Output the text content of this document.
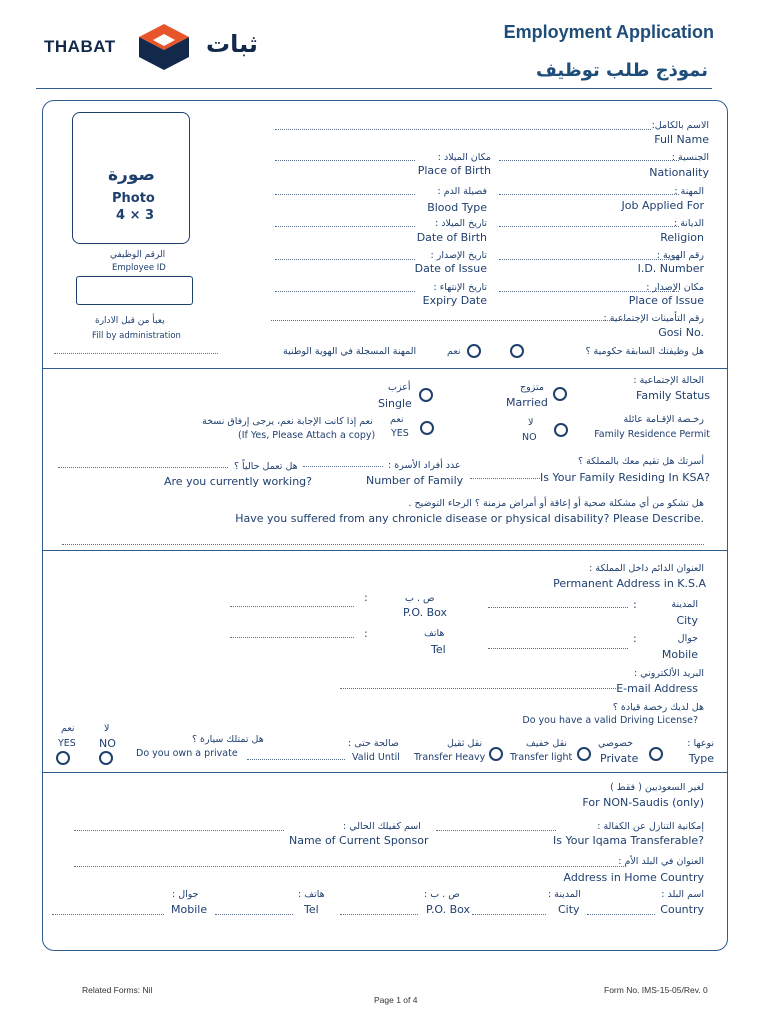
THABAT	ثبات	Employment Application
نموذج طلب توظيف
صورة
Photo
4 × 3
الرقم الوظيفي
Employee ID
يعبأ من قبل الادارة
Fill by administration
الاسم بالكامل:
Full Name
الجنسية :
Nationality
مكان الميلاد :
Place of Birth
المهنة :
Job Applied For
فصيلة الدم :
Blood Type
الديانة :
Religion
تاريخ الميلاد :
Date of Birth
رقم الهوية :
I.D. Number
تاريخ الإصدار :
Date of Issue
مكان الإصدار :
Place of Issue
تاريخ الإنتهاء :
Expiry Date
رقم التأمينات الإجتماعية :
Gosi No.
هل وظيفتك السابقة حكومية ؟
نعم
المهنة المسجلة في الهوية الوطنية
الحالة الإجتماعية :
Family Status
متزوج
Married
أعزب
Single
رخـصة الإقـامة عائلة
Family Residence Permit
لا
NO
نعم
YES
نعم إذا كانت الإجابة نعم، يرجى إرفاق نسخة
(If Yes, Please Attach a copy)
أسرتك هل تقيم معك بالمملكة ؟
Is Your Family Residing In KSA?
عدد أفراد الأسرة :
Number of Family
هل تعمل حالياً ؟
Are you currently working?
هل تشكو من أي مشكلة صحية أو إعاقة أو أمراض مزمنة ؟ الرجاء التوضيح .
Have you suffered from any chronicle disease or physical disability? Please Describe.
العنوان الدائم داخل المملكة :
Permanent Address in K.S.A
المدينة
City
:
ص . ب
P.O. Box
:
جوال
Mobile
:
هاتف
Tel
:
البريد الألكتروني :
E-mail Address
هل لديك رخصة قيادة ؟
Do you have a valid Driving License?
نوعها :
Type
خصوصي
Private
نقل خفيف
Transfer light
نقل ثقيل
Transfer Heavy
صالحة حتى :
Valid Until
هل تمتلك سيارة ؟
Do you own a private
لا
NO
نعم
YES
لغير السعوديين ( فقط )
For NON-Saudis (only)
إمكانية التنازل عن الكفالة :
Is Your Iqama Transferable?
اسم كفيلك الحالي :
Name of Current Sponsor
العنوان في البلد الأم :
Address in Home Country
اسم البلد :
Country
المدينة :
City
ص . ب :
P.O. Box
هاتف :
Tel
جوال :
Mobile
Related Forms: Nil
Page 1 of 4
Form No. IMS-15-05/Rev. 0
